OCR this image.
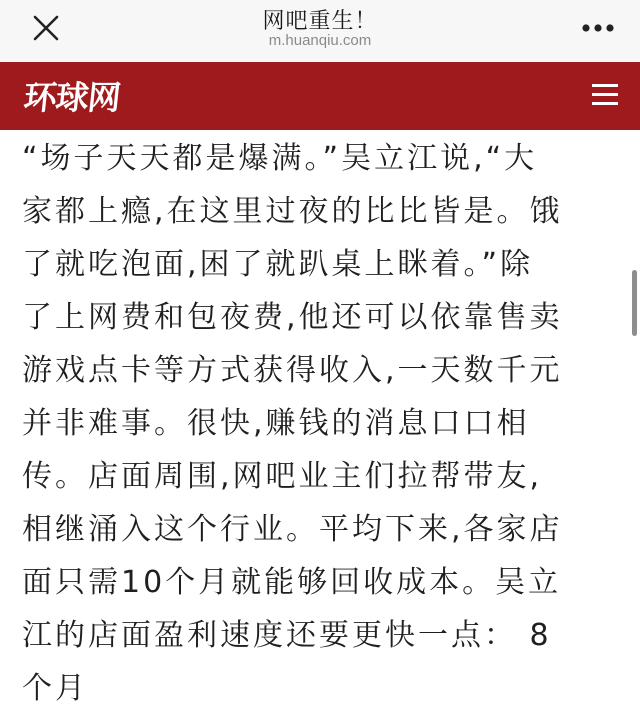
网吧重生！
m.huanqiu.com
环球网
“场子天天都是爆满。”吴立江说,“大
家都上瘾,在这里过夜的比比皆是。饿
了就吃泡面,困了就趴桌上眯着。”除
了上网费和包夜费,他还可以依靠售卖
游戏点卡等方式获得收入,一天数千元
并非难事。很快,赚钱的消息口口相
传。店面周围,网吧业主们拉帮带友,
相继涌入这个行业。平均下来,各家店
面只需10个月就能够回收成本。吴立
江的店面盈利速度还要更快一点： 8
个月
